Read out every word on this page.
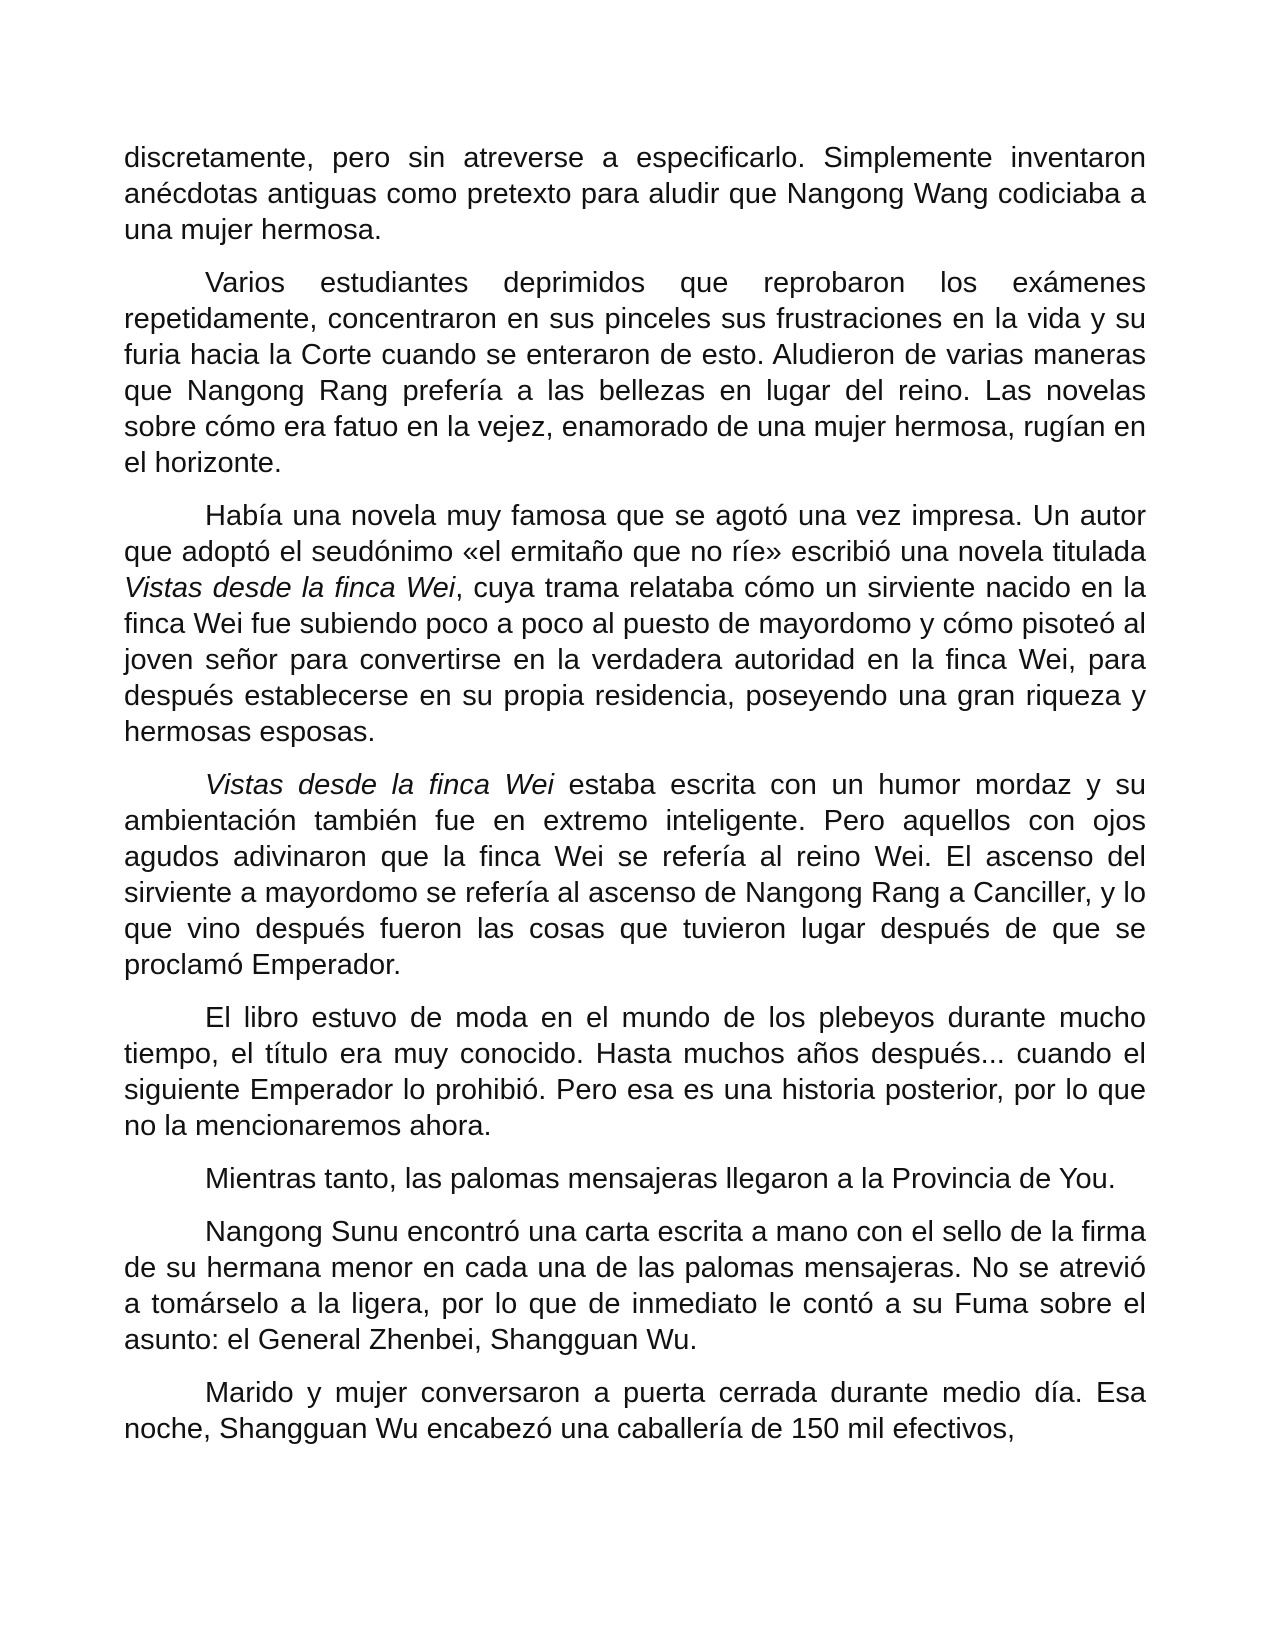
discretamente, pero sin atreverse a especificarlo. Simplemente inventaron anécdotas antiguas como pretexto para aludir que Nangong Wang codiciaba a una mujer hermosa.

Varios estudiantes deprimidos que reprobaron los exámenes repetidamente, concentraron en sus pinceles sus frustraciones en la vida y su furia hacia la Corte cuando se enteraron de esto. Aludieron de varias maneras que Nangong Rang prefería a las bellezas en lugar del reino. Las novelas sobre cómo era fatuo en la vejez, enamorado de una mujer hermosa, rugían en el horizonte.

Había una novela muy famosa que se agotó una vez impresa. Un autor que adoptó el seudónimo «el ermitaño que no ríe» escribió una novela titulada Vistas desde la finca Wei, cuya trama relataba cómo un sirviente nacido en la finca Wei fue subiendo poco a poco al puesto de mayordomo y cómo pisoteó al joven señor para convertirse en la verdadera autoridad en la finca Wei, para después establecerse en su propia residencia, poseyendo una gran riqueza y hermosas esposas.

Vistas desde la finca Wei estaba escrita con un humor mordaz y su ambientación también fue en extremo inteligente. Pero aquellos con ojos agudos adivinaron que la finca Wei se refería al reino Wei. El ascenso del sirviente a mayordomo se refería al ascenso de Nangong Rang a Canciller, y lo que vino después fueron las cosas que tuvieron lugar después de que se proclamó Emperador.

El libro estuvo de moda en el mundo de los plebeyos durante mucho tiempo, el título era muy conocido. Hasta muchos años después... cuando el siguiente Emperador lo prohibió. Pero esa es una historia posterior, por lo que no la mencionaremos ahora.

Mientras tanto, las palomas mensajeras llegaron a la Provincia de You.

Nangong Sunu encontró una carta escrita a mano con el sello de la firma de su hermana menor en cada una de las palomas mensajeras. No se atrevió a tomárselo a la ligera, por lo que de inmediato le contó a su Fuma sobre el asunto: el General Zhenbei, Shangguan Wu.

Marido y mujer conversaron a puerta cerrada durante medio día. Esa noche, Shangguan Wu encabezó una caballería de 150 mil efectivos,
